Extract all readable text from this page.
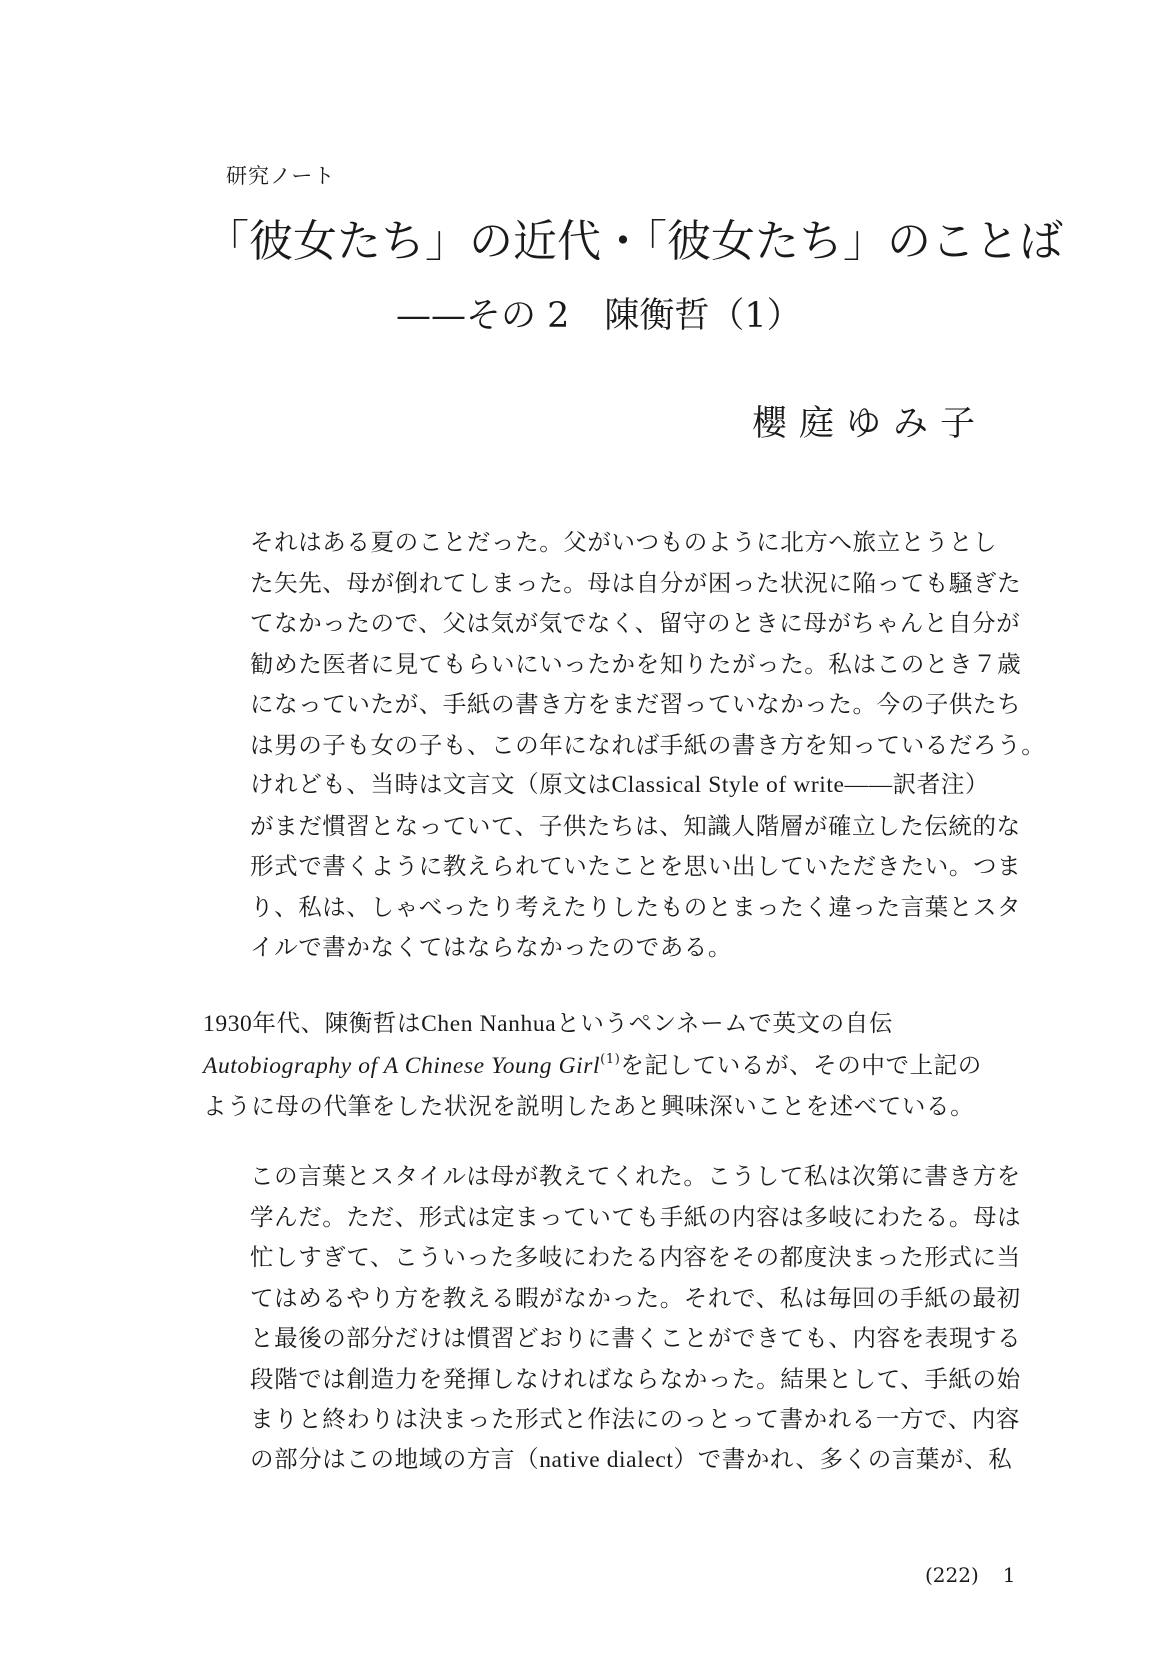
研究ノート
「彼女たち」の近代・「彼女たち」のことば
——その 2　陳衡哲（1）
櫻庭ゆみ子
それはある夏のことだった。父がいつものように北方へ旅立とうとし
た矢先、母が倒れてしまった。母は自分が困った状況に陥っても騒ぎた
てなかったので、父は気が気でなく、留守のときに母がちゃんと自分が
勧めた医者に見てもらいにいったかを知りたがった。私はこのとき７歳
になっていたが、手紙の書き方をまだ習っていなかった。今の子供たち
は男の子も女の子も、この年になれば手紙の書き方を知っているだろう。
けれども、当時は文言文（原文はClassical Style of write——訳者注）
がまだ慣習となっていて、子供たちは、知識人階層が確立した伝統的な
形式で書くように教えられていたことを思い出していただきたい。つま
り、私は、しゃべったり考えたりしたものとまったく違った言葉とスタ
イルで書かなくてはならなかったのである。
1930年代、陳衡哲はChen Nanhuaというペンネームで英文の自伝
Autobiography of A Chinese Young Girl$^{(1)}$を記しているが、その中で上記の
ように母の代筆をした状況を説明したあと興味深いことを述べている。
この言葉とスタイルは母が教えてくれた。こうして私は次第に書き方を
学んだ。ただ、形式は定まっていても手紙の内容は多岐にわたる。母は
忙しすぎて、こういった多岐にわたる内容をその都度決まった形式に当
てはめるやり方を教える暇がなかった。それで、私は毎回の手紙の最初
と最後の部分だけは慣習どおりに書くことができても、内容を表現する
段階では創造力を発揮しなければならなかった。結果として、手紙の始
まりと終わりは決まった形式と作法にのっとって書かれる一方で、内容
の部分はこの地域の方言（native dialect）で書かれ、多くの言葉が、私
(222) 1
